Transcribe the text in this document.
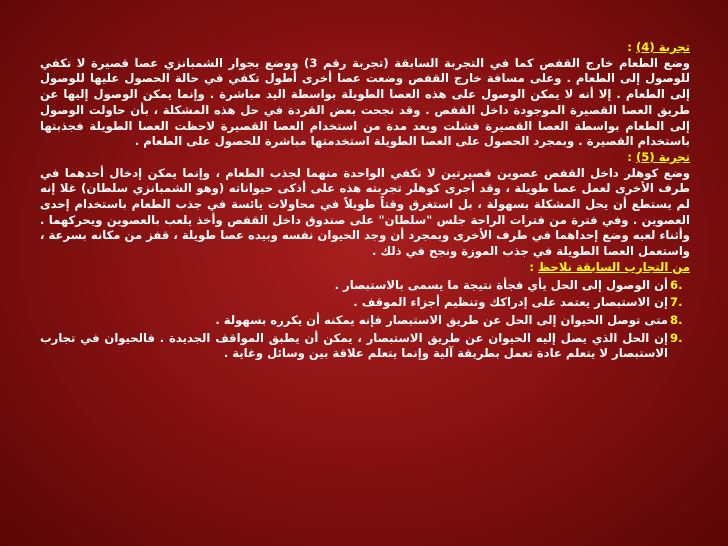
تجربة (4) :

وضع الطعام خارج القفص كما في التجربة السابقة (تجربة رقم 3) ووضع بجوار الشمبانزي عصا قصيرة لا تكفي للوصول إلى الطعام . وعلى مسافة خارج القفص وضعت عصا أخرى أطول تكفي في حالة الحصول عليها للوصول إلى الطعام . إلا أنه لا يمكن الوصول على هذه العصا الطويلة بواسطة اليد مباشرة . وإنما يمكن الوصول إليها عن طريق العصا القصيرة الموجودة داخل القفص . وقد نجحت بعض القردة في حل هذه المشكلة ، بأن حاولت الوصول إلى الطعام بواسطة العصا القصيرة فشلت وبعد مدة من استخدام العصا القصيرة لاحظت العصا الطويلة فجذبتها باستخدام القصيرة . وبمجرد الحصول على العصا الطويلة استخدمتها مباشرة للحصول على الطعام .

تجربة (5) :

وضع كوهلر داخل القفص عصوين قصيرتين لا تكفي الواحدة منهما لجذب الطعام ، وإنما يمكن إدخال أحدهما في طرف الأخرى لعمل عصا طويلة ، وقد أجرى كوهلر تجربته هذه على أذكى حيواناته (وهو الشمبانزي سلطان) غلا إنه لم يستطع أن يحل المشكلة بسهولة ، بل استغرق وقتاً طويلاً في محاولات يائسة في جذب الطعام باستخدام إحدى العصوين . وفي فترة من فترات الراحة جلس "سلطان" على صندوق داخل القفص وأخذ يلعب بالعصوين ويحركهما . وأثناء لعبه وضع إحداهما في طرف الأخرى وبمجرد أن وجد الحيوان نفسه وبيده عصا طويلة ، قفز من مكانه بسرعة ، واستعمل العصا الطويلة في جذب الموزة ونجح في ذلك .

من التجارب السابقة نلاحظ :
6.
أن الوصول إلى الحل يأي فجأة نتيجة ما يسمى بالاستبصار .
7.
إن الاستبصار يعتمد على إدراكك وتنظيم أجزاء الموقف .
8.
متى توصل الحيوان إلى الحل عن طريق الاستبصار فإنه يمكنه أن يكرره بسهولة .
9.
إن الحل الذي يصل إليه الحيوان عن طريق الاستبصار ، يمكن أن يطبق المواقف الجديدة . فالحيوان في تجارب الاستبصار لا يتعلم عادة تعمل بطريقة آلية وإنما يتعلم علاقة بين وسائل وغاية .
